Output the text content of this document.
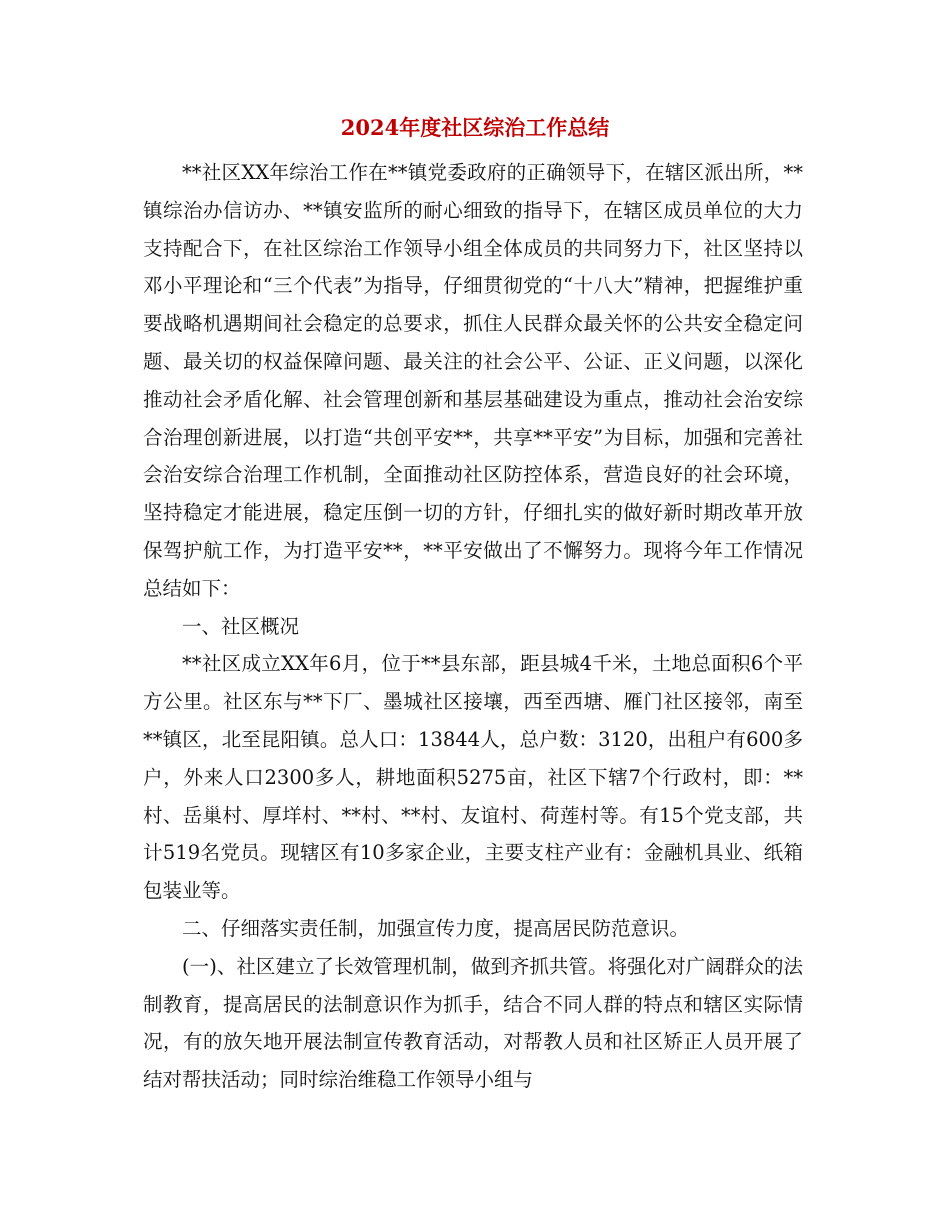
2024年度社区综治工作总结

**社区XX年综治工作在**镇党委政府的正确领导下，在辖区派出所，**镇综治办信访办、**镇安监所的耐心细致的指导下，在辖区成员单位的大力支持配合下，在社区综治工作领导小组全体成员的共同努力下，社区坚持以邓小平理论和“三个代表”为指导，仔细贯彻党的“十八大”精神，把握维护重要战略机遇期间社会稳定的总要求，抓住人民群众最关怀的公共安全稳定问题、最关切的权益保障问题、最关注的社会公平、公证、正义问题，以深化推动社会矛盾化解、社会管理创新和基层基础建设为重点，推动社会治安综合治理创新进展，以打造“共创平安**，共享**平安”为目标，加强和完善社会治安综合治理工作机制，全面推动社区防控体系，营造良好的社会环境，坚持稳定才能进展，稳定压倒一切的方针，仔细扎实的做好新时期改革开放保驾护航工作，为打造平安**，**平安做出了不懈努力。现将今年工作情况总结如下：

一、社区概况

**社区成立XX年6月，位于**县东部，距县城4千米，土地总面积6个平方公里。社区东与**下厂、墨城社区接壤，西至西塘、雁门社区接邻，南至**镇区，北至昆阳镇。总人口：13844人，总户数：3120，出租户有600多户，外来人口2300多人，耕地面积5275亩，社区下辖7个行政村，即：**村、岳巢村、厚垟村、**村、**村、友谊村、荷莲村等。有15个党支部，共计519名党员。现辖区有10多家企业，主要支柱产业有：金融机具业、纸箱包装业等。

二、仔细落实责任制，加强宣传力度，提高居民防范意识。

(一)、社区建立了长效管理机制，做到齐抓共管。将强化对广阔群众的法制教育，提高居民的法制意识作为抓手，结合不同人群的特点和辖区实际情况，有的放矢地开展法制宣传教育活动，对帮教人员和社区矫正人员开展了结对帮扶活动；同时综治维稳工作领导小组与
